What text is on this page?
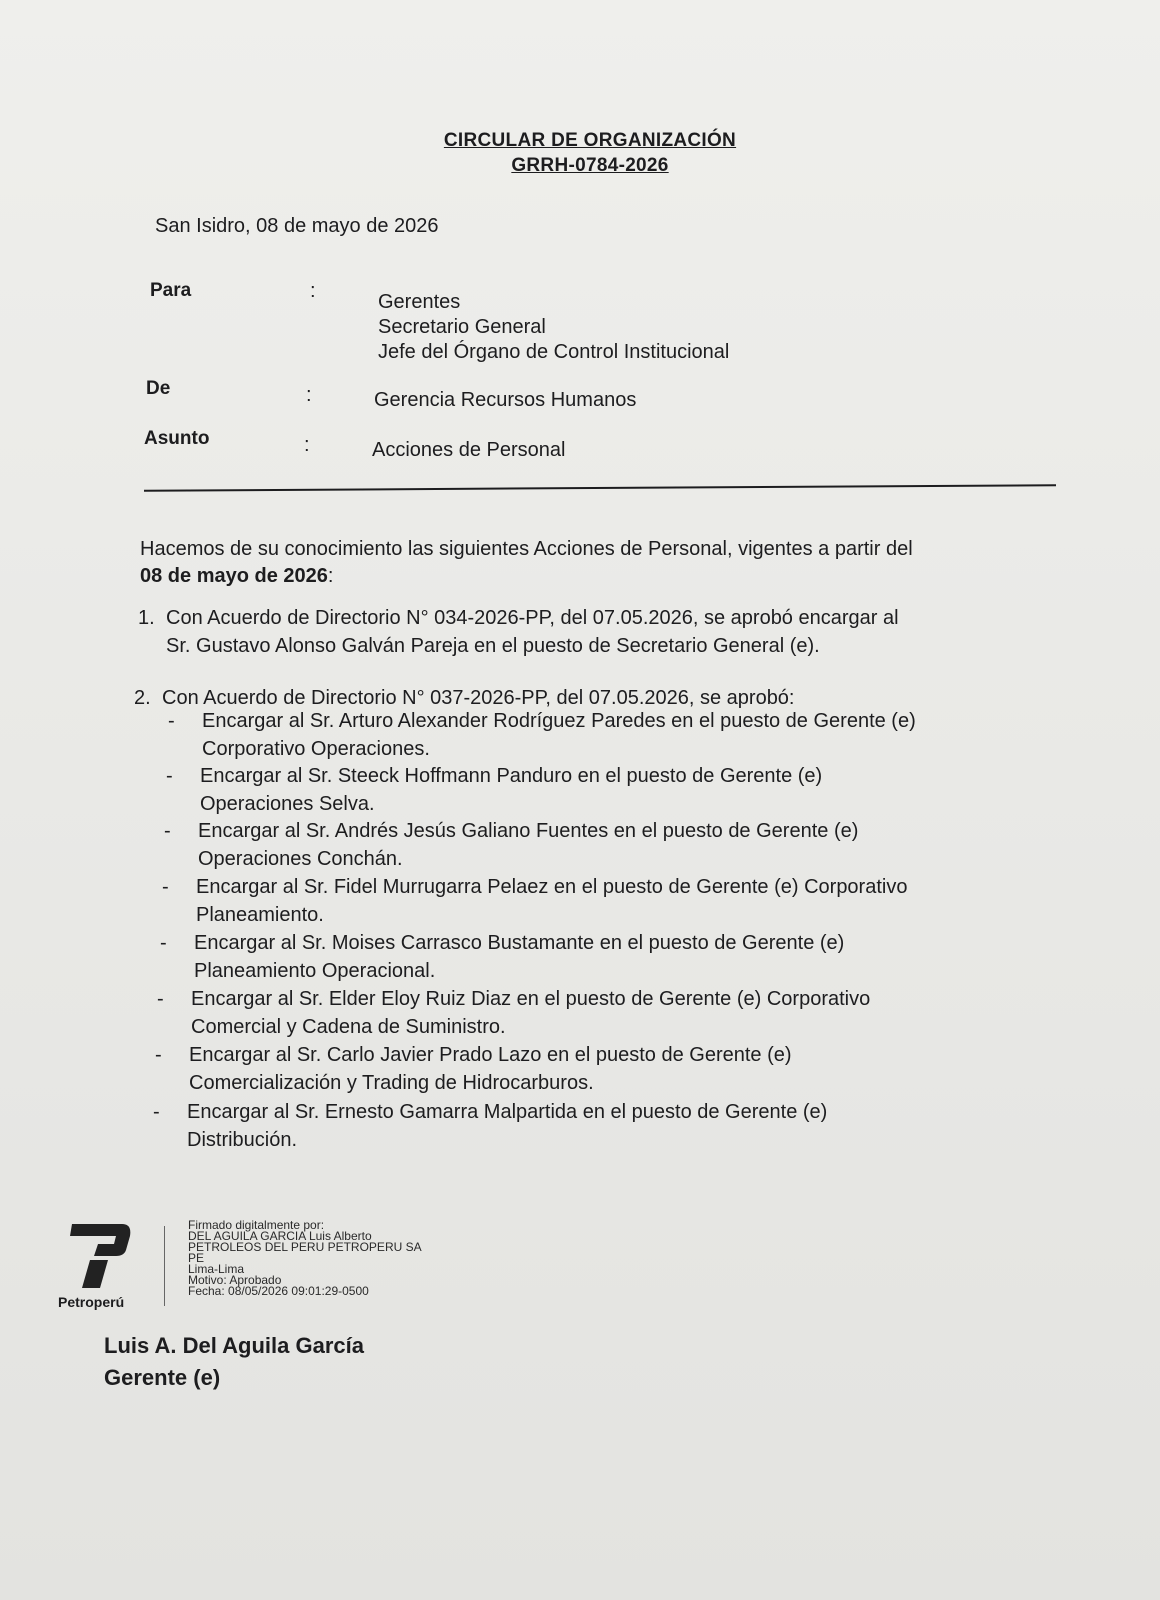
CIRCULAR DE ORGANIZACIÓN
GRRH-0784-2026
San Isidro, 08 de mayo de 2026
Para	:	Gerentes
Secretario General
Jefe del Órgano de Control Institucional
De	:	Gerencia Recursos Humanos
Asunto	:	Acciones de Personal
Hacemos de su conocimiento las siguientes Acciones de Personal, vigentes a partir del
08 de mayo de 2026:
1. Con Acuerdo de Directorio N° 034-2026-PP, del 07.05.2026, se aprobó encargar al
Sr. Gustavo Alonso Galván Pareja en el puesto de Secretario General (e).
2. Con Acuerdo de Directorio N° 037-2026-PP, del 07.05.2026, se aprobó:
- Encargar al Sr. Arturo Alexander Rodríguez Paredes en el puesto de Gerente (e)
Corporativo Operaciones.
- Encargar al Sr. Steeck Hoffmann Panduro en el puesto de Gerente (e)
Operaciones Selva.
- Encargar al Sr. Andrés Jesús Galiano Fuentes en el puesto de Gerente (e)
Operaciones Conchán.
- Encargar al Sr. Fidel Murrugarra Pelaez en el puesto de Gerente (e) Corporativo
Planeamiento.
- Encargar al Sr. Moises Carrasco Bustamante en el puesto de Gerente (e)
Planeamiento Operacional.
- Encargar al Sr. Elder Eloy Ruiz Diaz en el puesto de Gerente (e) Corporativo
Comercial y Cadena de Suministro.
- Encargar al Sr. Carlo Javier Prado Lazo en el puesto de Gerente (e)
Comercialización y Trading de Hidrocarburos.
- Encargar al Sr. Ernesto Gamarra Malpartida en el puesto de Gerente (e)
Distribución.
Petroperú
Firmado digitalmente por:
DEL AGUILA GARCIA Luis Alberto
PETROLEOS DEL PERU PETROPERU SA
PE
Lima-Lima
Motivo: Aprobado
Fecha: 08/05/2026 09:01:29-0500
Luis A. Del Aguila García
Gerente (e)
